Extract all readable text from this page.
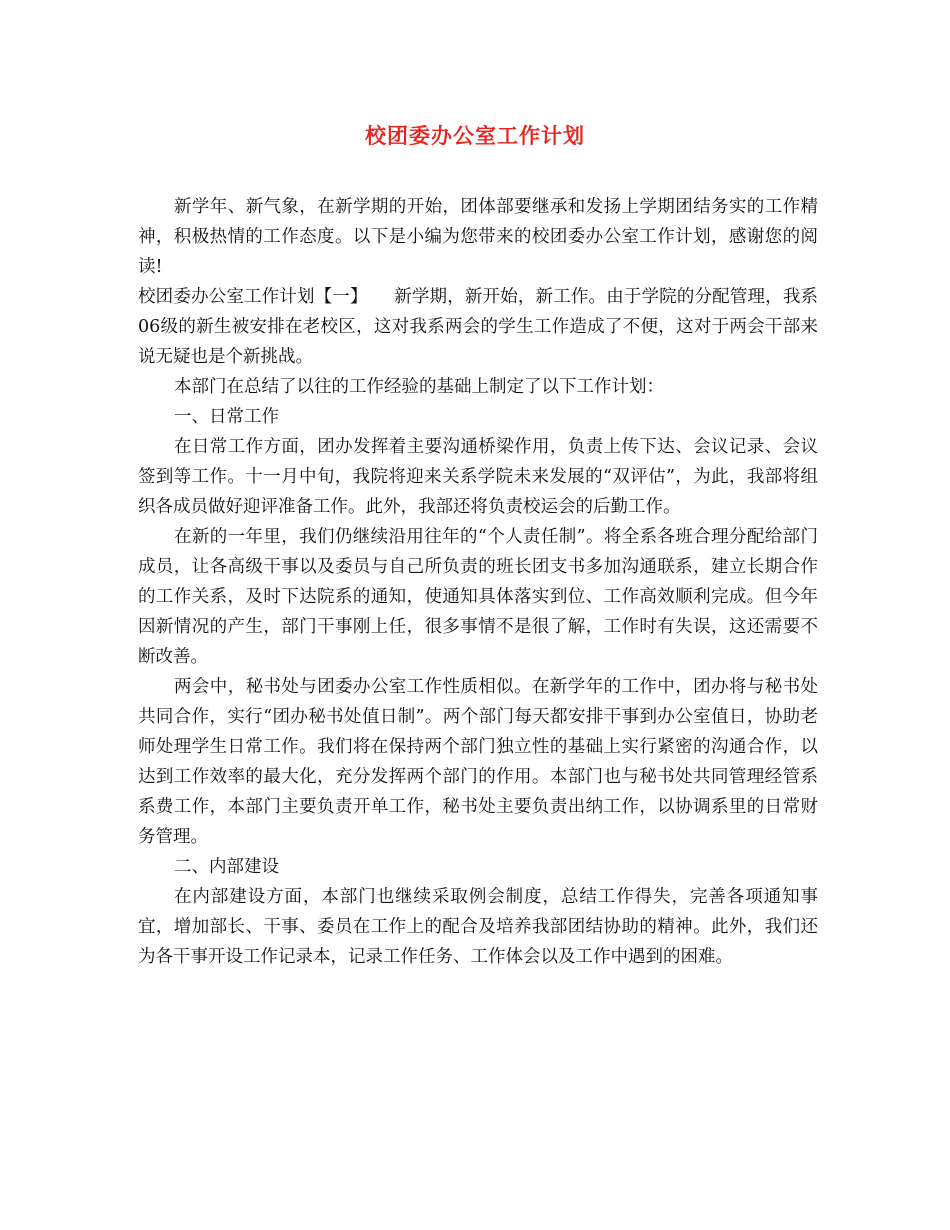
校团委办公室工作计划

新学年、新气象，在新学期的开始，团体部要继承和发扬上学期团结务实的工作精神，积极热情的工作态度。以下是小编为您带来的校团委办公室工作计划，感谢您的阅读!

校团委办公室工作计划【一】　　新学期，新开始，新工作。由于学院的分配管理，我系06级的新生被安排在老校区，这对我系两会的学生工作造成了不便，这对于两会干部来说无疑也是个新挑战。

本部门在总结了以往的工作经验的基础上制定了以下工作计划：

一、日常工作

在日常工作方面，团办发挥着主要沟通桥梁作用，负责上传下达、会议记录、会议签到等工作。十一月中旬，我院将迎来关系学院未来发展的“双评估”，为此，我部将组织各成员做好迎评准备工作。此外，我部还将负责校运会的后勤工作。

在新的一年里，我们仍继续沿用往年的“个人责任制”。将全系各班合理分配给部门成员，让各高级干事以及委员与自己所负责的班长团支书多加沟通联系，建立长期合作的工作关系，及时下达院系的通知，使通知具体落实到位、工作高效顺利完成。但今年因新情况的产生，部门干事刚上任，很多事情不是很了解，工作时有失误，这还需要不断改善。

两会中，秘书处与团委办公室工作性质相似。在新学年的工作中，团办将与秘书处共同合作，实行“团办秘书处值日制”。两个部门每天都安排干事到办公室值日，协助老师处理学生日常工作。我们将在保持两个部门独立性的基础上实行紧密的沟通合作，以达到工作效率的最大化，充分发挥两个部门的作用。本部门也与秘书处共同管理经管系系费工作，本部门主要负责开单工作，秘书处主要负责出纳工作，以协调系里的日常财务管理。

二、内部建设

在内部建设方面，本部门也继续采取例会制度，总结工作得失，完善各项通知事宜，增加部长、干事、委员在工作上的配合及培养我部团结协助的精神。此外，我们还为各干事开设工作记录本，记录工作任务、工作体会以及工作中遇到的困难。
